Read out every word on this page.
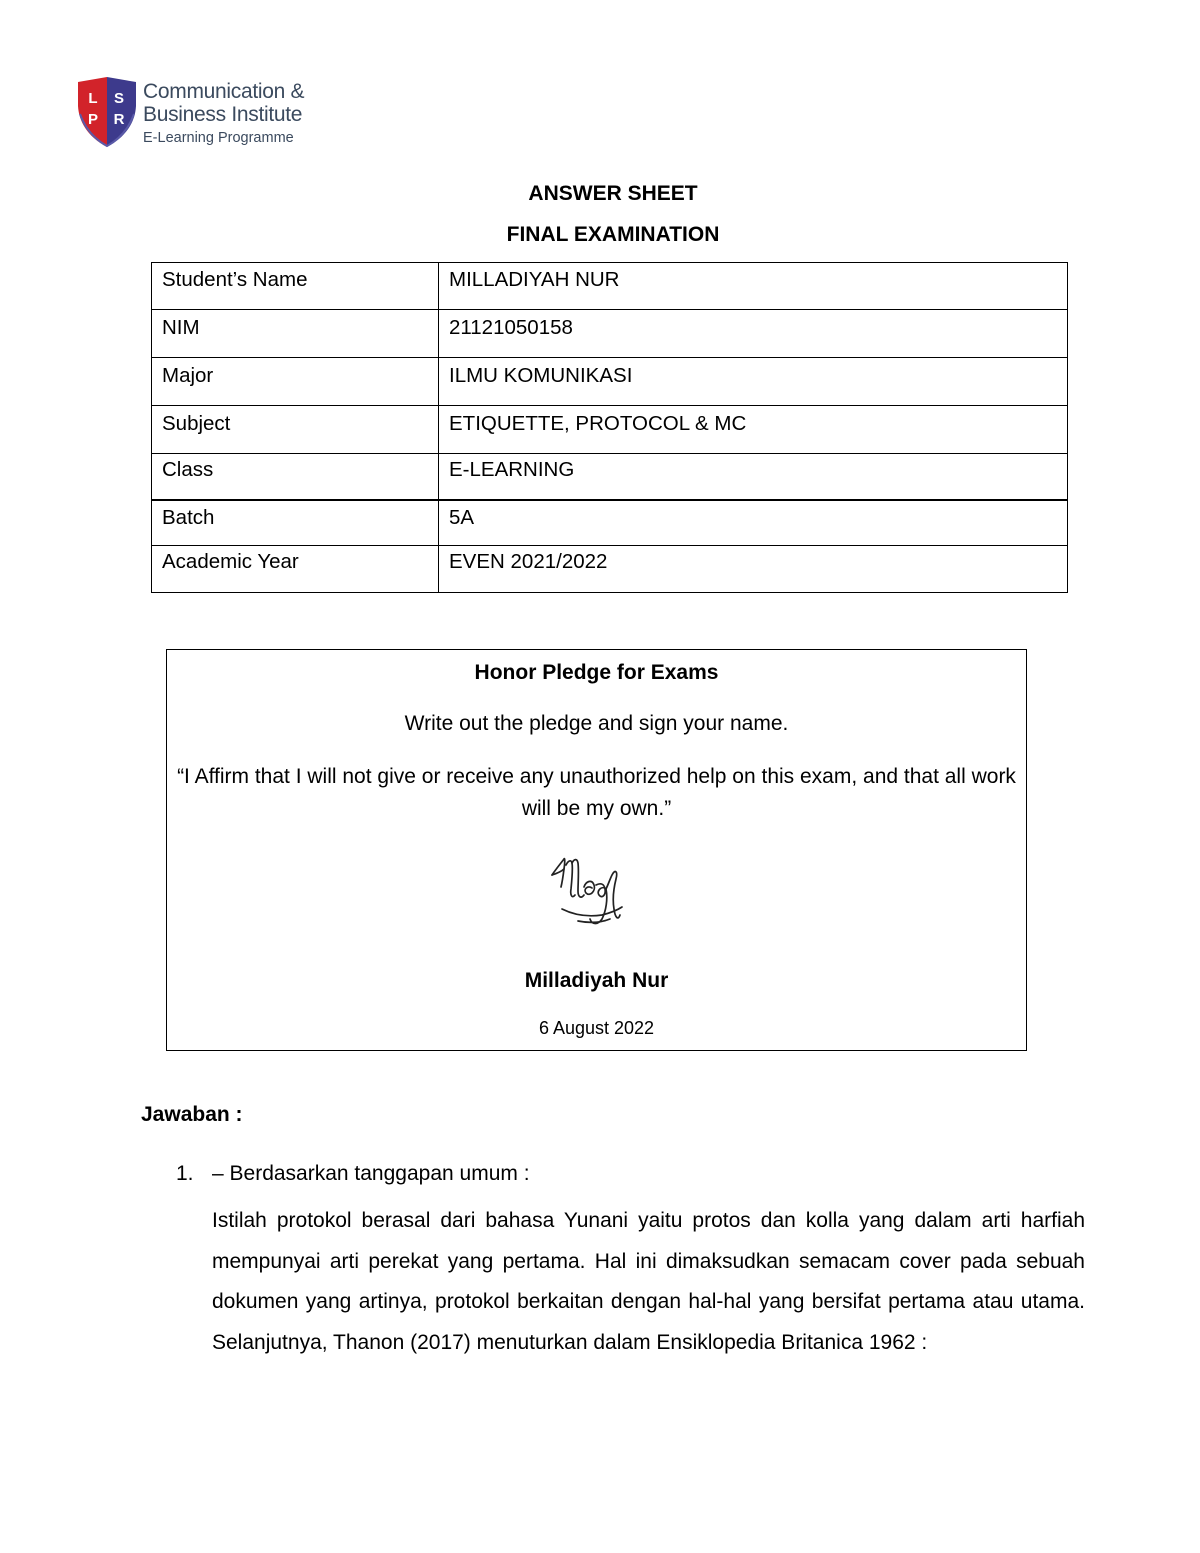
L S
P R
Communication &
Business Institute
E-Learning Programme
ANSWER SHEET
FINAL EXAMINATION
Student’s Name	MILLADIYAH NUR
NIM	21121050158
Major	ILMU KOMUNIKASI
Subject	ETIQUETTE, PROTOCOL & MC
Class	E-LEARNING
Batch	5A
Academic Year	EVEN 2021/2022
Honor Pledge for Exams
Write out the pledge and sign your name.
“I Affirm that I will not give or receive any unauthorized help on this exam, and that all work will be my own.”
Milladiyah Nur
6 August 2022
Jawaban :
1. – Berdasarkan tanggapan umum :
Istilah protokol berasal dari bahasa Yunani yaitu protos dan kolla yang dalam arti harfiah mempunyai arti perekat yang pertama. Hal ini dimaksudkan semacam cover pada sebuah dokumen yang artinya, protokol berkaitan dengan hal-hal yang bersifat pertama atau utama. Selanjutnya, Thanon (2017) menuturkan dalam Ensiklopedia Britanica 1962 :
